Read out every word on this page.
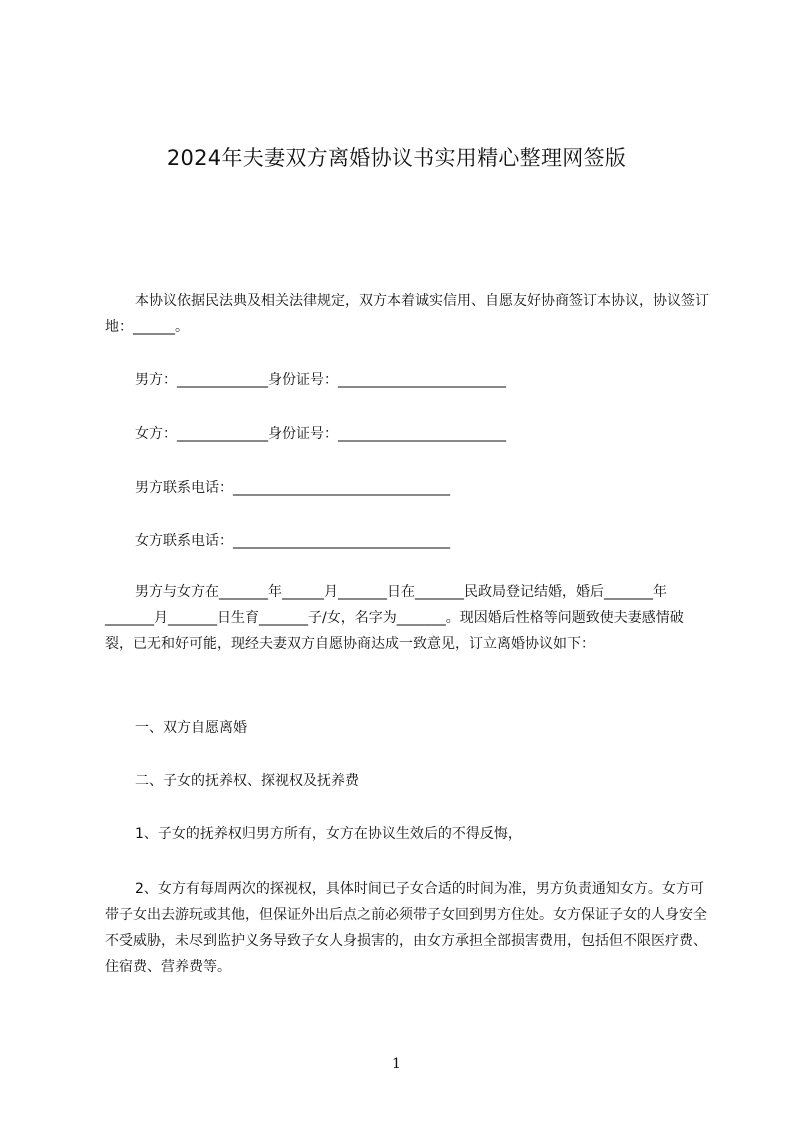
2024年夫妻双方离婚协议书实用精心整理网签版

本协议依据民法典及相关法律规定，双方本着诚实信用、自愿友好协商签订本协议，协议签订地：______。

男方：_____________身份证号：________________________
女方：_____________身份证号：________________________
男方联系电话：_______________________________
女方联系电话：_______________________________

男方与女方在_______年______月_______日在_______民政局登记结婚，婚后_______年_______月_______日生育_______子/女，名字为_______。现因婚后性格等问题致使夫妻感情破裂，已无和好可能，现经夫妻双方自愿协商达成一致意见，订立离婚协议如下：

一、双方自愿离婚
二、子女的抚养权、探视权及抚养费
1、子女的抚养权归男方所有，女方在协议生效后的不得反悔，

2、女方有每周两次的探视权，具体时间已子女合适的时间为准，男方负责通知女方。女方可带子女出去游玩或其他，但保证外出后点之前必须带子女回到男方住处。女方保证子女的人身安全不受威胁，未尽到监护义务导致子女人身损害的，由女方承担全部损害费用，包括但不限医疗费、住宿费、营养费等。

1
